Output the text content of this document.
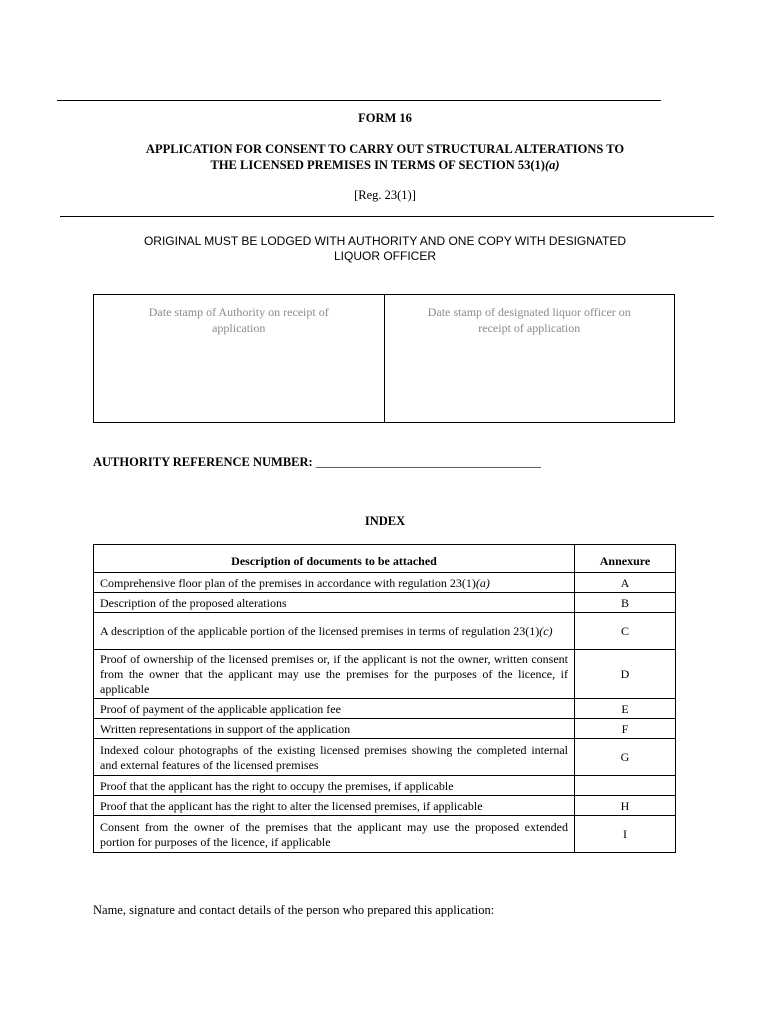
FORM 16
APPLICATION FOR CONSENT TO CARRY OUT STRUCTURAL ALTERATIONS TO
THE LICENSED PREMISES IN TERMS OF SECTION 53(1)(a)
[Reg. 23(1)]
ORIGINAL MUST BE LODGED WITH AUTHORITY AND ONE COPY WITH DESIGNATED
LIQUOR OFFICER
Date stamp of Authority on receipt of application
Date stamp of designated liquor officer on receipt of application
AUTHORITY REFERENCE NUMBER: ____________________________________
INDEX
Description of documents to be attached	Annexure
Comprehensive floor plan of the premises in accordance with regulation 23(1)(a)	A
Description of the proposed alterations	B
A description of the applicable portion of the licensed premises in terms of regulation 23(1)(c)	C
Proof of ownership of the licensed premises or, if the applicant is not the owner, written consent from the owner that the applicant may use the premises for the purposes of the licence, if applicable	D
Proof of payment of the applicable application fee	E
Written representations in support of the application	F
Indexed colour photographs of the existing licensed premises showing the completed internal and external features of the licensed premises	G
Proof that the applicant has the right to occupy the premises, if applicable	
Proof that the applicant has the right to alter the licensed premises, if applicable	H
Consent from the owner of the premises that the applicant may use the proposed extended portion for purposes of the licence, if applicable	I
Name, signature and contact details of the person who prepared this application:
